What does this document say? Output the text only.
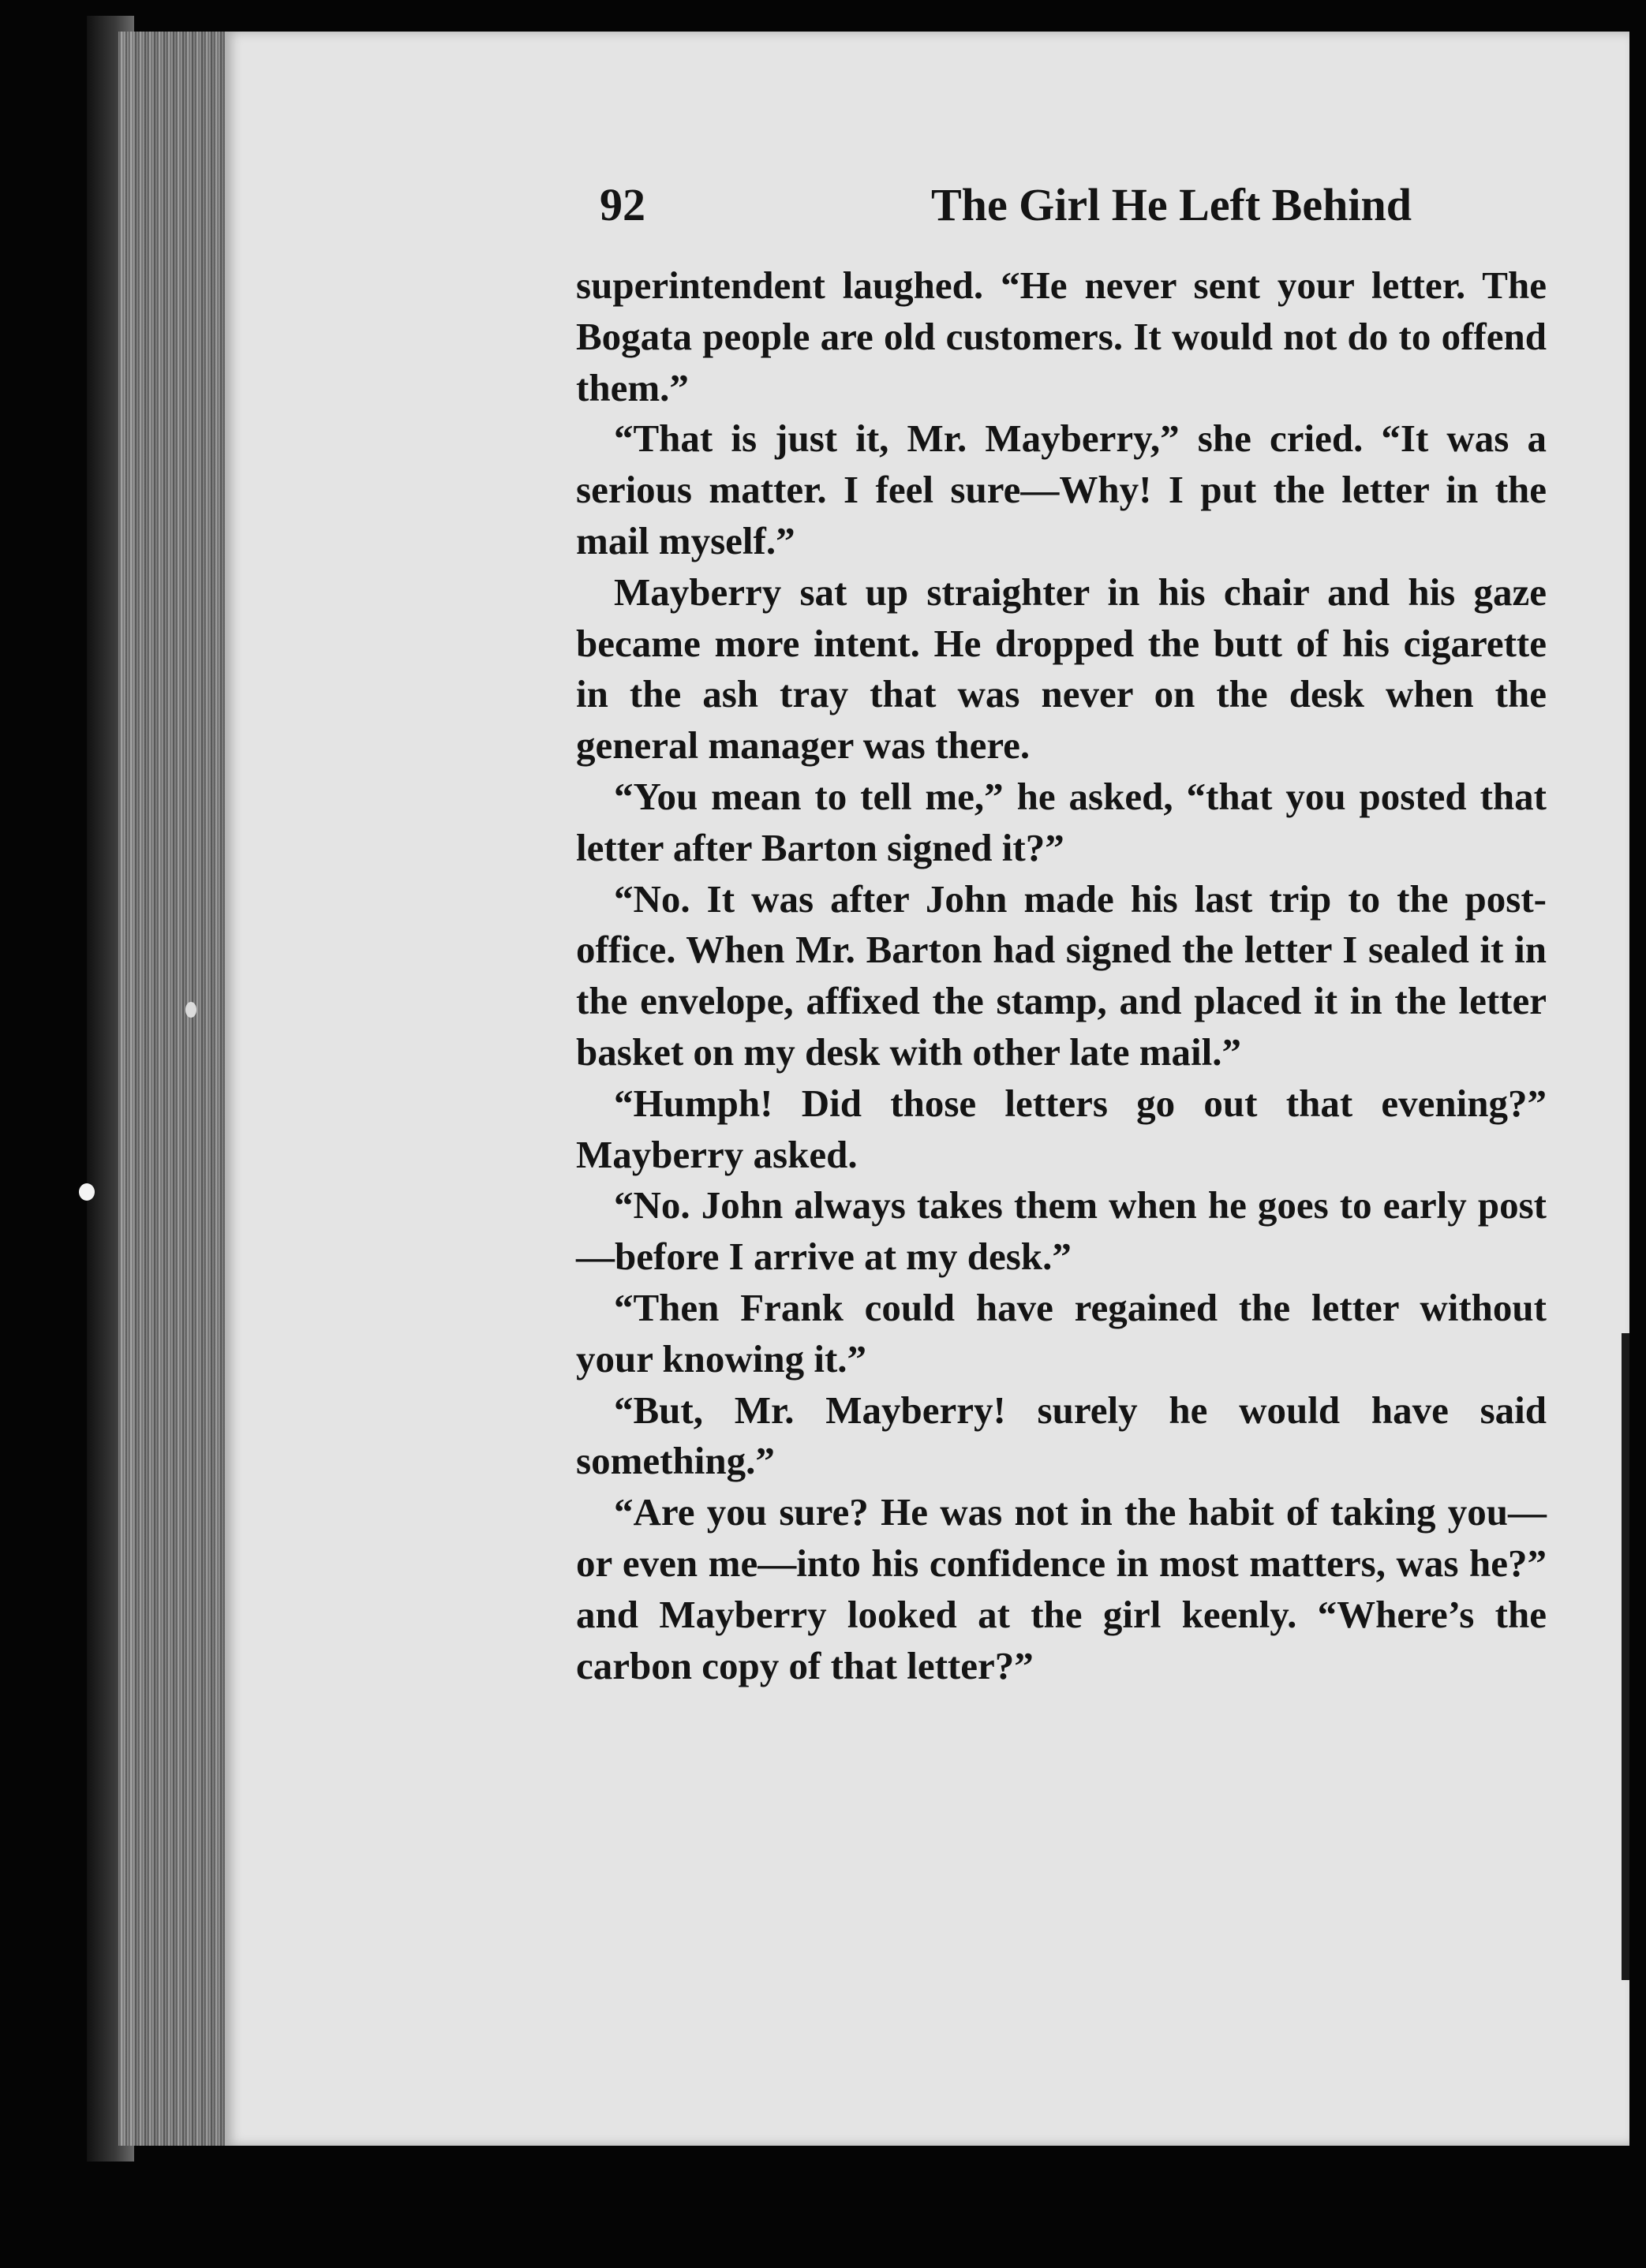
92	The Girl He Left Behind

superintendent laughed. “He never sent your letter. The Bogata people are old customers. It would not do to offend them.”

“That is just it, Mr. Mayberry,” she cried. “It was a serious matter. I feel sure—Why! I put the letter in the mail myself.”

Mayberry sat up straighter in his chair and his gaze became more intent. He dropped the butt of his cigarette in the ash tray that was never on the desk when the general manager was there.

“You mean to tell me,” he asked, “that you posted that letter after Barton signed it?”

“No. It was after John made his last trip to the post-office. When Mr. Barton had signed the letter I sealed it in the envelope, affixed the stamp, and placed it in the letter basket on my desk with other late mail.”

“Humph! Did those letters go out that evening?” Mayberry asked.

“No. John always takes them when he goes to early post—before I arrive at my desk.”

“Then Frank could have regained the letter without your knowing it.”

“But, Mr. Mayberry! surely he would have said something.”

“Are you sure? He was not in the habit of taking you—or even me—into his confidence in most matters, was he?” and Mayberry looked at the girl keenly. “Where’s the carbon copy of that letter?”
